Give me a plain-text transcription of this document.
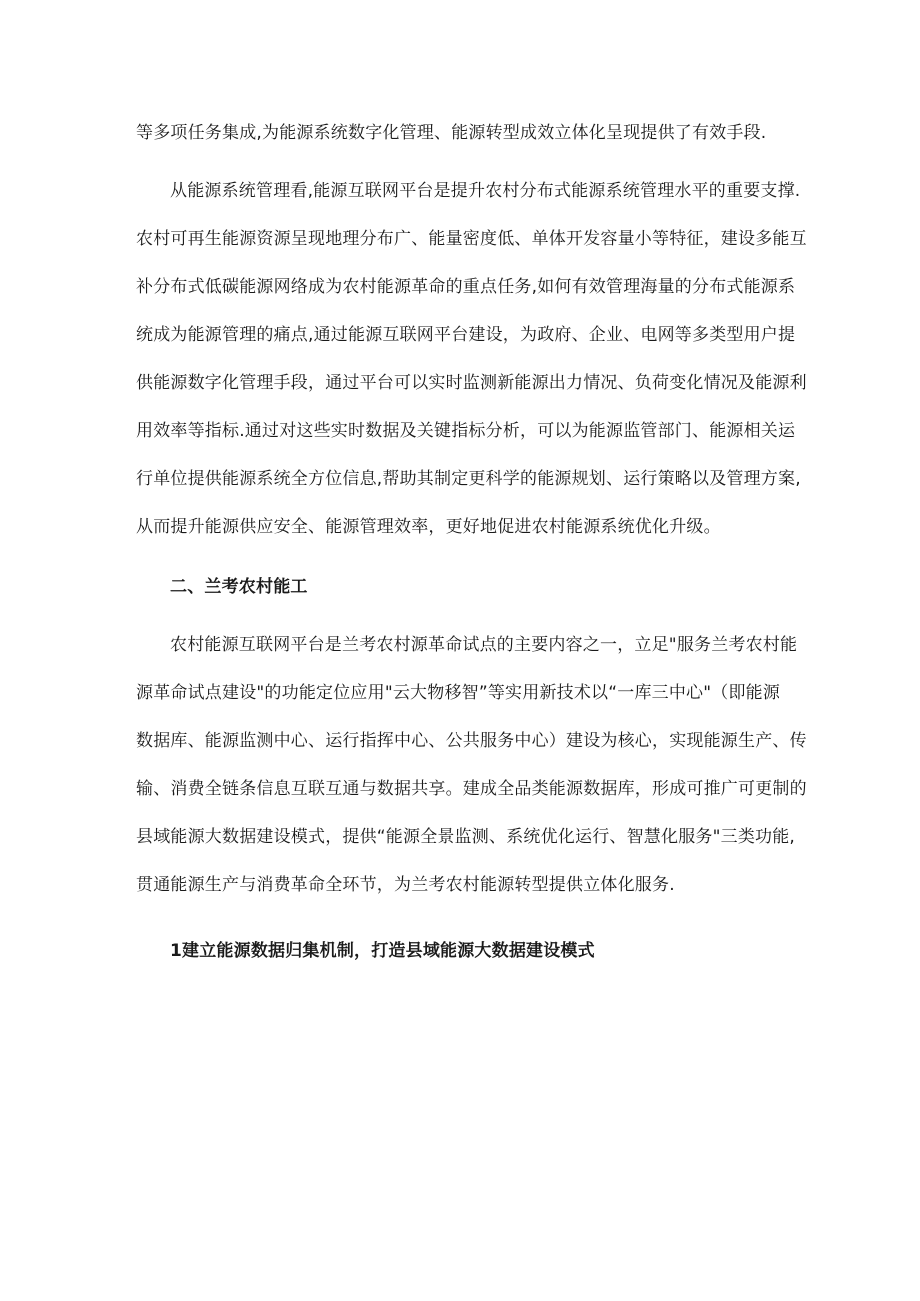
等多项任务集成,为能源系统数字化管理、能源转型成效立体化呈现提供了有效手段.
从能源系统管理看,能源互联网平台是提升农村分布式能源系统管理水平的重要支撑.
农村可再生能源资源呈现地理分布广、能量密度低、单体开发容量小等特征，建设多能互
补分布式低碳能源网络成为农村能源革命的重点任务,如何有效管理海量的分布式能源系
统成为能源管理的痛点,通过能源互联网平台建设，为政府、企业、电网等多类型用户提
供能源数字化管理手段，通过平台可以实时监测新能源出力情况、负荷变化情况及能源利
用效率等指标.通过对这些实时数据及关键指标分析，可以为能源监管部门、能源相关运
行单位提供能源系统全方位信息,帮助其制定更科学的能源规划、运行策略以及管理方案,
从而提升能源供应安全、能源管理效率，更好地促进农村能源系统优化升级。
二、兰考农村能工
农村能源互联网平台是兰考农村源革命试点的主要内容之一，立足"服务兰考农村能
源革命试点建设"的功能定位应用"云大物移智”等实用新技术以“一库三中心"（即能源
数据库、能源监测中心、运行指挥中心、公共服务中心）建设为核心，实现能源生产、传
输、消费全链条信息互联互通与数据共享。建成全品类能源数据库，形成可推广可更制的
县域能源大数据建设模式，提供“能源全景监测、系统优化运行、智慧化服务"三类功能,
贯通能源生产与消费革命全环节，为兰考农村能源转型提供立体化服务.
1建立能源数据归集机制，打造县域能源大数据建设模式
